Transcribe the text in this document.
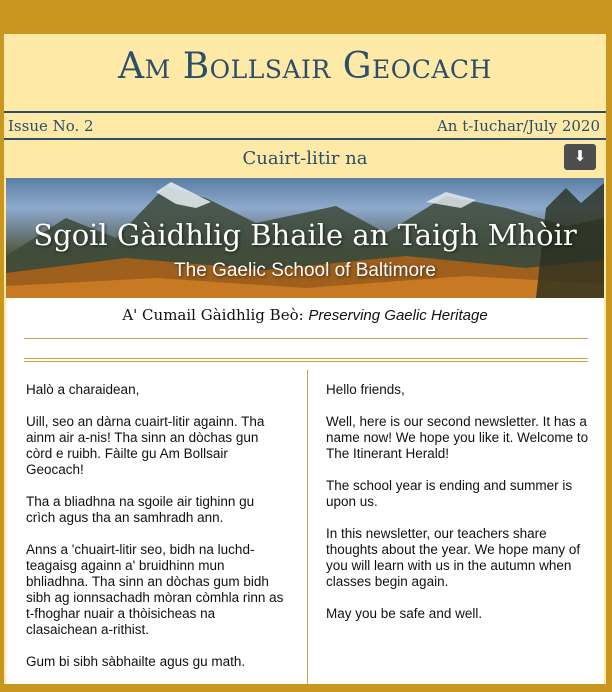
Am Bollsair Geocach
Issue No. 2	An t-Iuchar/July 2020
Cuairt-litir na	⬇
Sgoil Gàidhlig Bhaile an Taigh Mhòir
The Gaelic School of Baltimore
A' Cumail Gàidhlig Beò: Preserving Gaelic Heritage

Halò a charaidean,

Uill, seo an dàrna cuairt-litir againn. Tha ainm air a-nis! Tha sinn an dòchas gun còrd e ruibh. Fàilte gu Am Bollsair Geocach!

Tha a bliadhna na sgoile air tighinn gu crìch agus tha an samhradh ann.

Anns a 'chuairt-litir seo, bidh na luchd-teagaisg againn a' bruidhinn mun bhliadhna. Tha sinn an dòchas gum bidh sibh ag ionnsachadh mòran còmhla rinn as t-fhoghar nuair a thòisicheas na clasaichean a-rithist.

Gum bi sibh sàbhailte agus gu math.

Hello friends,

Well, here is our second newsletter. It has a name now! We hope you like it. Welcome to The Itinerant Herald!

The school year is ending and summer is upon us.

In this newsletter, our teachers share thoughts about the year. We hope many of you will learn with us in the autumn when classes begin again.

May you be safe and well.
